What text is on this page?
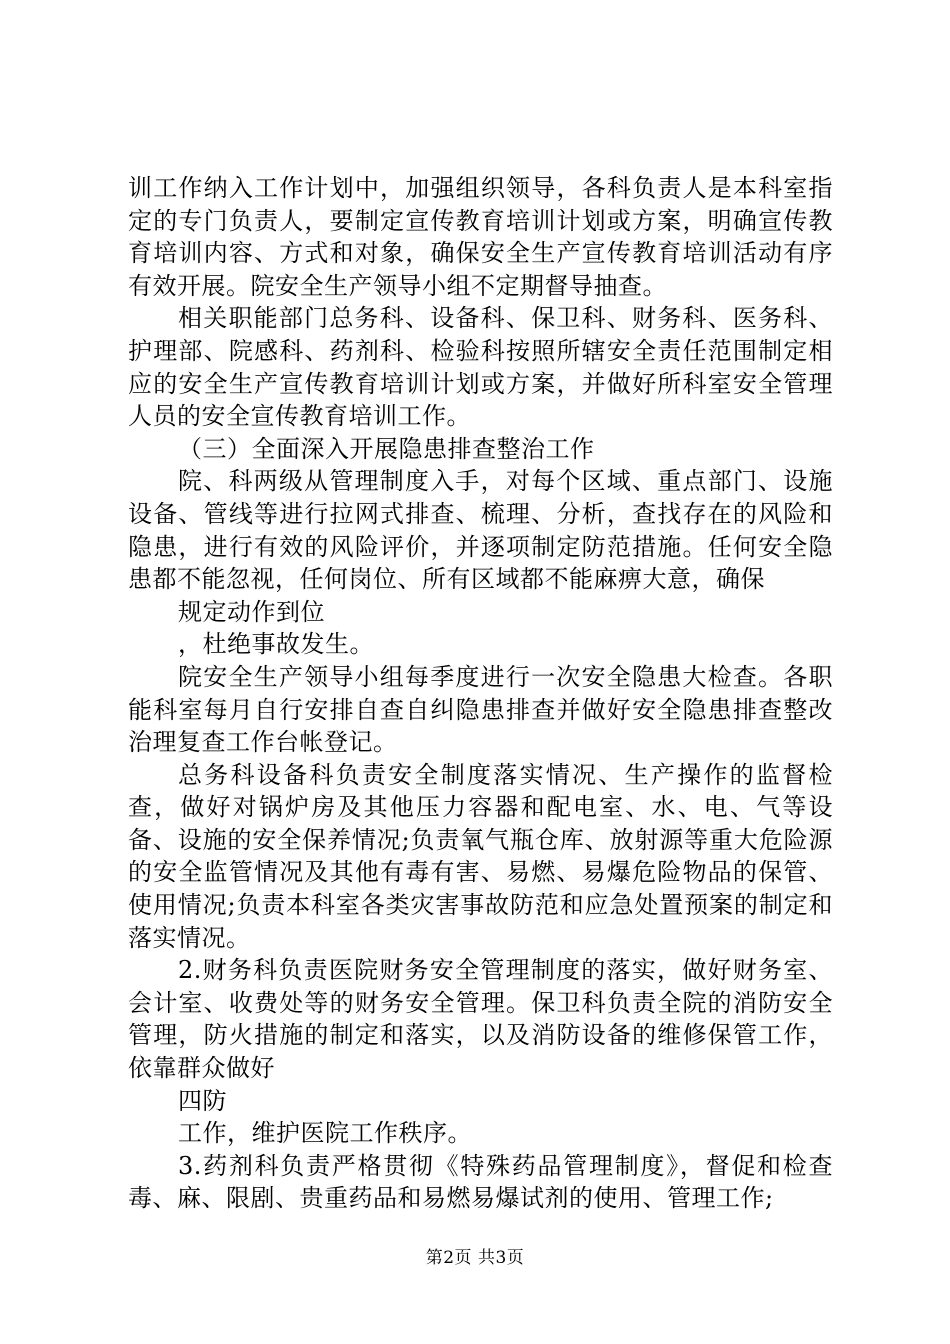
训工作纳入工作计划中，加强组织领导，各科负责人是本科室指定的专门负责人，要制定宣传教育培训计划或方案，明确宣传教育培训内容、方式和对象，确保安全生产宣传教育培训活动有序有效开展。院安全生产领导小组不定期督导抽查。

相关职能部门总务科、设备科、保卫科、财务科、医务科、护理部、院感科、药剂科、检验科按照所辖安全责任范围制定相应的安全生产宣传教育培训计划或方案，并做好所科室安全管理人员的安全宣传教育培训工作。

（三）全面深入开展隐患排查整治工作

院、科两级从管理制度入手，对每个区域、重点部门、设施设备、管线等进行拉网式排查、梳理、分析，查找存在的风险和隐患，进行有效的风险评价，并逐项制定防范措施。任何安全隐患都不能忽视，任何岗位、所有区域都不能麻痹大意，确保

规定动作到位

，杜绝事故发生。

院安全生产领导小组每季度进行一次安全隐患大检查。各职能科室每月自行安排自查自纠隐患排查并做好安全隐患排查整改治理复查工作台帐登记。

总务科设备科负责安全制度落实情况、生产操作的监督检查，做好对锅炉房及其他压力容器和配电室、水、电、气等设备、设施的安全保养情况;负责氧气瓶仓库、放射源等重大危险源的安全监管情况及其他有毒有害、易燃、易爆危险物品的保管、使用情况;负责本科室各类灾害事故防范和应急处置预案的制定和落实情况。

2.财务科负责医院财务安全管理制度的落实，做好财务室、会计室、收费处等的财务安全管理。保卫科负责全院的消防安全管理，防火措施的制定和落实，以及消防设备的维修保管工作，依靠群众做好

四防

工作，维护医院工作秩序。

3.药剂科负责严格贯彻《特殊药品管理制度》，督促和检查毒、麻、限剧、贵重药品和易燃易爆试剂的使用、管理工作;

第2页 共3页
